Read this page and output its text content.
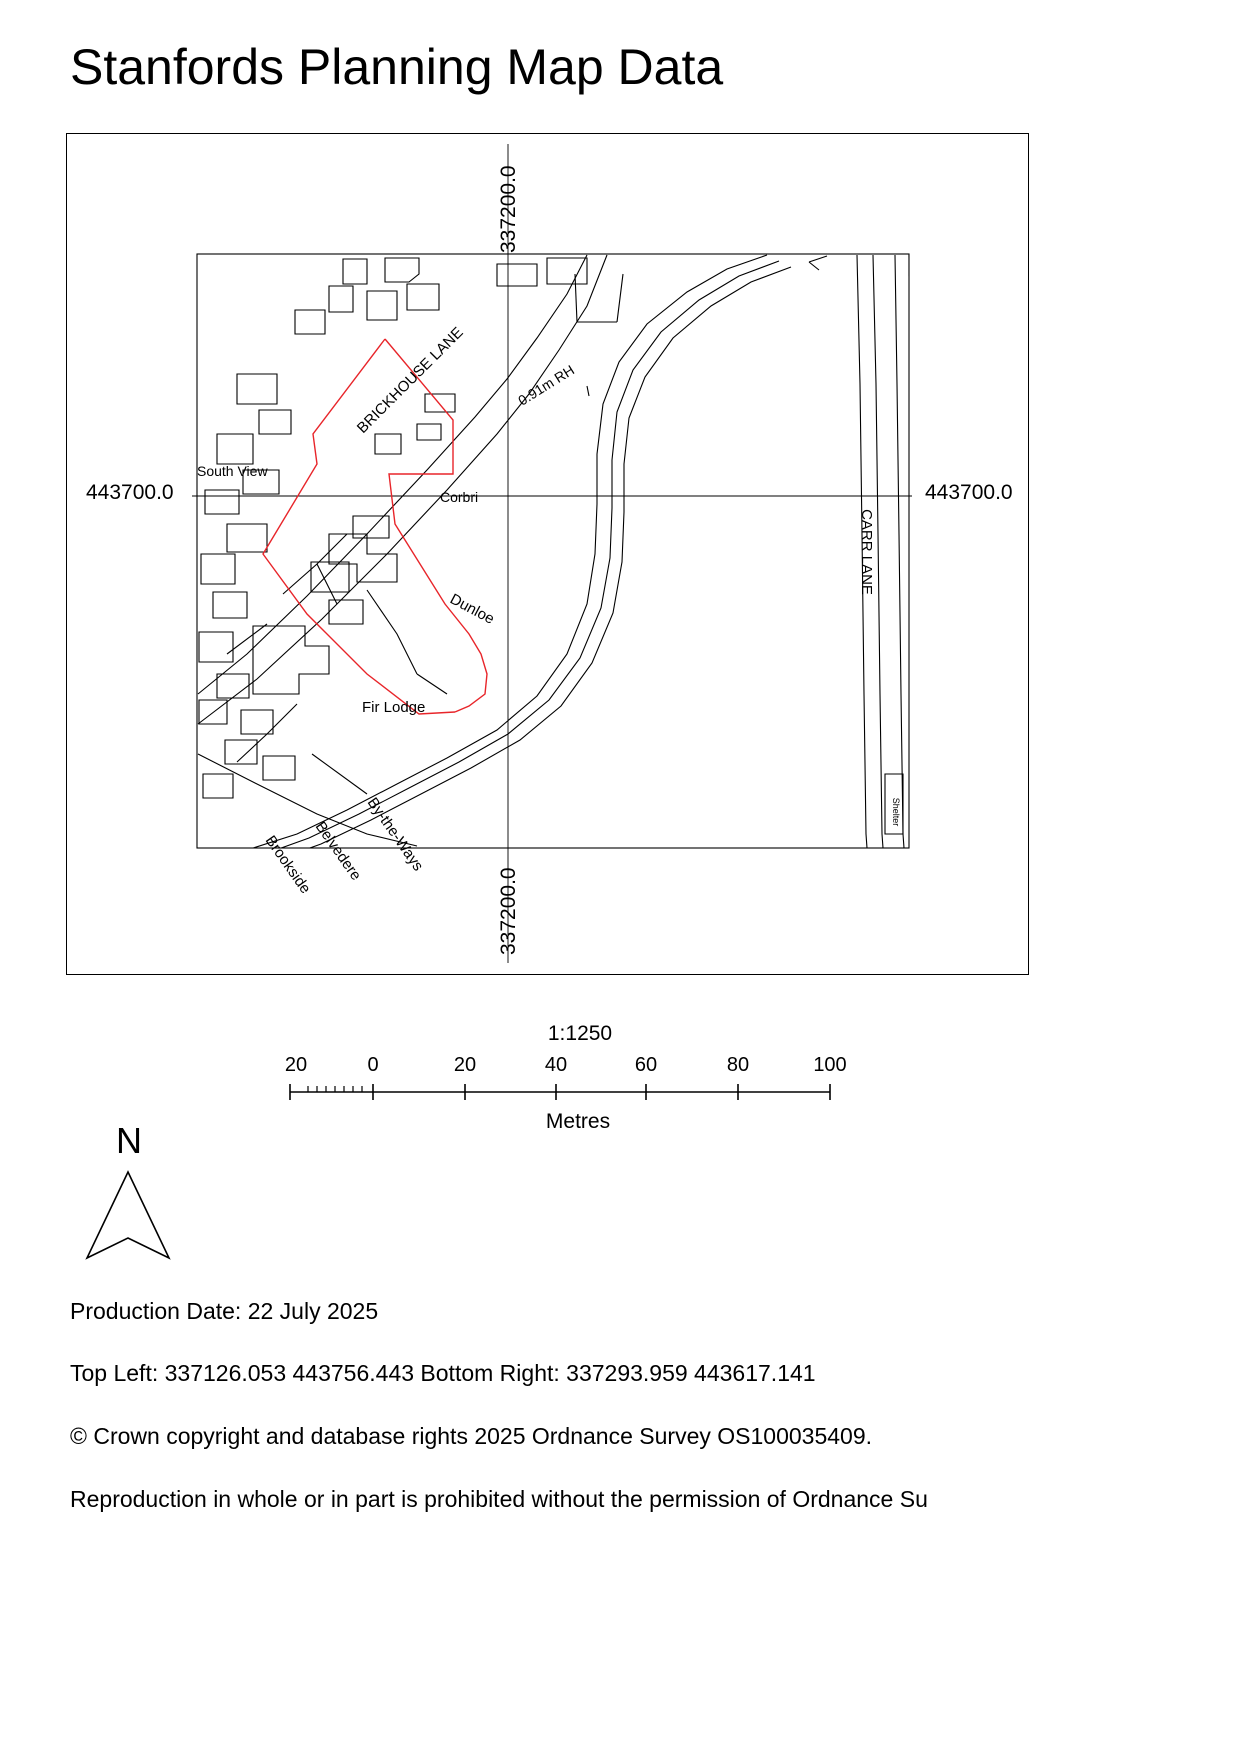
Stanfords Planning Map Data
South View
Corbri
Dunloe
Fir Lodge
BRICKHOUSE LANE
CARR LANE
0.91m RH
By-the-Ways
Belvedere
Brookside
Shelter
337200.0
337200.0
443700.0	443700.0
1:1250
20	0	20	40	60	80	100
Metres
N
Production Date: 22 July 2025
Top Left: 337126.053 443756.443 Bottom Right: 337293.959 443617.141
© Crown copyright and database rights 2025 Ordnance Survey OS100035409.
Reproduction in whole or in part is prohibited without the permission of Ordnance Su
